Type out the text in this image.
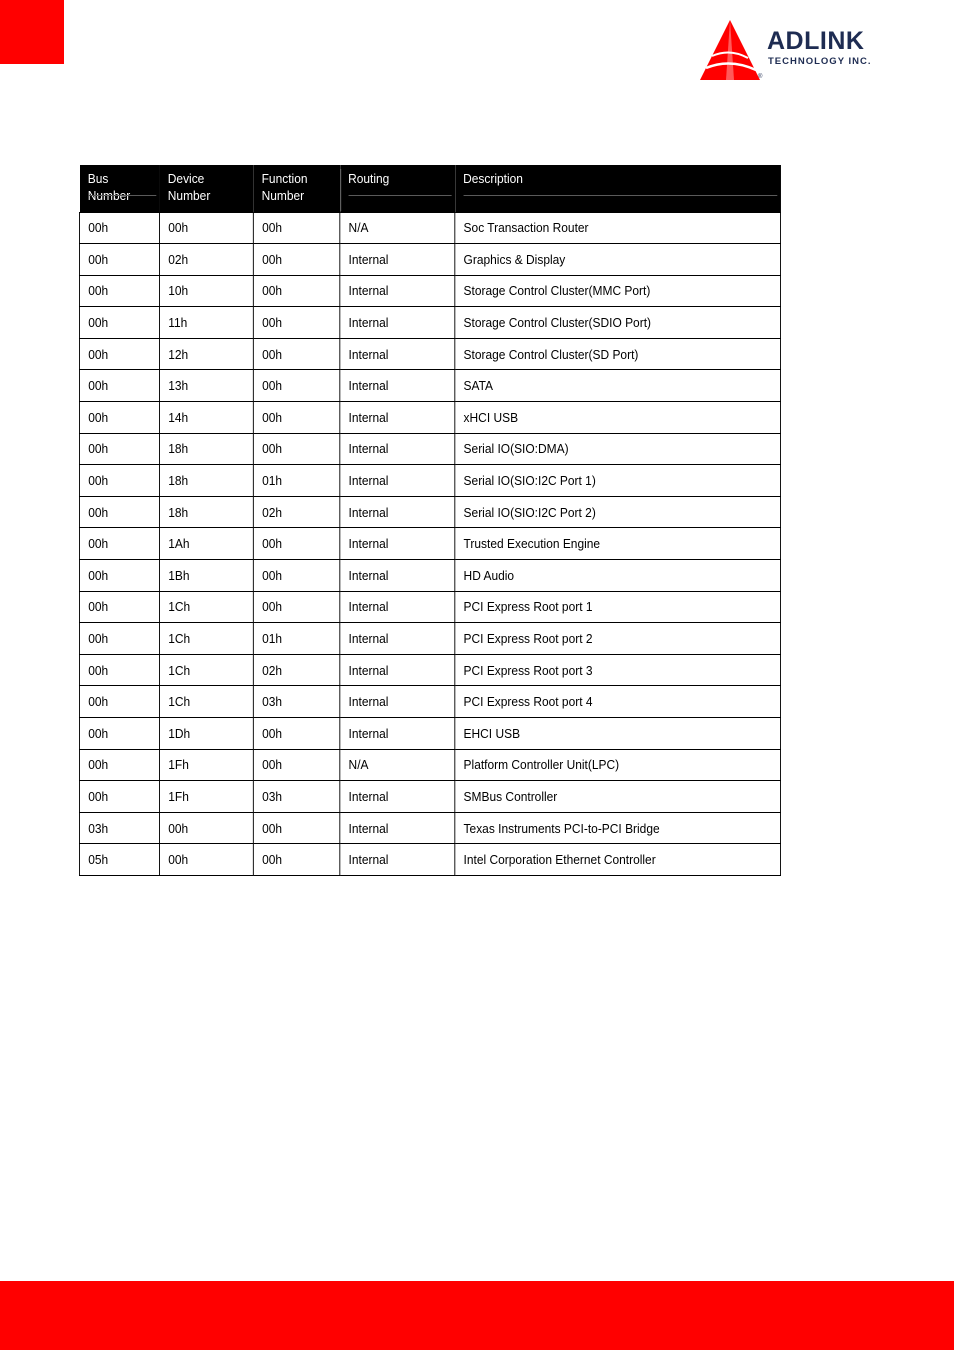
ADLINK
TECHNOLOGY INC.
®
Bus Number	Device Number	Function Number	Routing	Description

00h	00h	00h	N/A	Soc Transaction Router
00h	02h	00h	Internal	Graphics & Display
00h	10h	00h	Internal	Storage Control Cluster(MMC Port)
00h	11h	00h	Internal	Storage Control Cluster(SDIO Port)
00h	12h	00h	Internal	Storage Control Cluster(SD Port)
00h	13h	00h	Internal	SATA
00h	14h	00h	Internal	xHCI USB
00h	18h	00h	Internal	Serial IO(SIO:DMA)
00h	18h	01h	Internal	Serial IO(SIO:I2C Port 1)
00h	18h	02h	Internal	Serial IO(SIO:I2C Port 2)
00h	1Ah	00h	Internal	Trusted Execution Engine
00h	1Bh	00h	Internal	HD Audio
00h	1Ch	00h	Internal	PCI Express Root port 1
00h	1Ch	01h	Internal	PCI Express Root port 2
00h	1Ch	02h	Internal	PCI Express Root port 3
00h	1Ch	03h	Internal	PCI Express Root port 4
00h	1Dh	00h	Internal	EHCI USB
00h	1Fh	00h	N/A	Platform Controller Unit(LPC)
00h	1Fh	03h	Internal	SMBus Controller
03h	00h	00h	Internal	Texas Instruments PCI-to-PCI Bridge
05h	00h	00h	Internal	Intel Corporation Ethernet Controller
